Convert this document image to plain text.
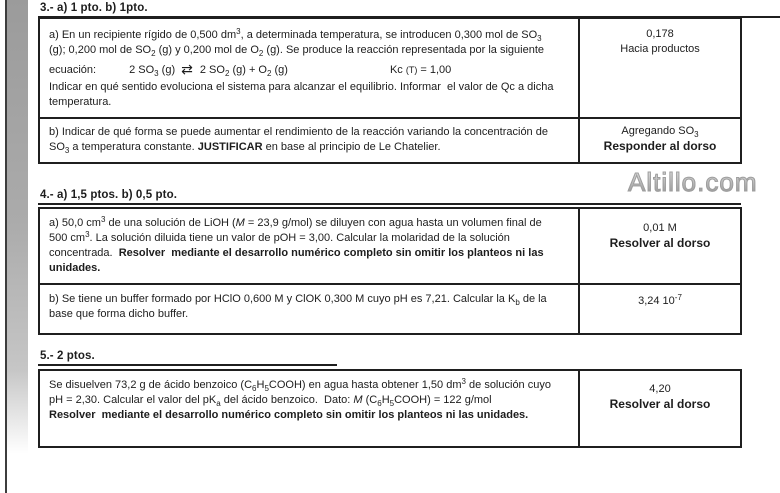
3.- a) 1 pto. b) 1pto.
a) En un recipiente rígido de 0,500 $dm^3$, a determinada temperatura, se introducen 0,300 mol de $SO_3$
(g); 0,200 mol de $SO_2$ (g) y 0,200 mol de $O_2$ (g). Se produce la reacción representada por la siguiente
ecuación:	2 $SO_3$ (g) ⇄ 2 $SO_2$ $(g) + O_2$ (g)	Kc (T) = 1,00
Indicar en qué sentido evoluciona el sistema para alcanzar el equilibrio. Informar  el valor de Qc a dicha
temperatura.

0,178
Hacia productos

b) Indicar de qué forma se puede aumentar el rendimiento de la reacción variando la concentración de
$SO_3$ a temperatura constante. JUSTIFICAR en base al principio de Le Chatelier.

Agregando $SO_3$
Responder al dorso
Altillo.com
4.- a) 1,5 ptos. b) 0,5 pto.
a) 50,0 $cm^3$ de una solución de LiOH (M = 23,9 g/mol) se diluyen con agua hasta un volumen final de
500 $cm^3$. La solución diluida tiene un valor de pOH = 3,00. Calcular la molaridad de la solución
concentrada.  Resolver  mediante el desarrollo numérico completo sin omitir los planteos ni las
unidades.

0,01 M
Resolver al dorso

b) Se tiene un buffer formado por HClO 0,600 M y ClOK 0,300 M cuyo pH es 7,21. Calcular la $K_b$ de la
base que forma dicho buffer.	3,24 $10^{-7}$
5.- 2 ptos.
Se disuelven 73,2 g de ácido benzoico $(C_6H_5COOH)$ en agua hasta obtener 1,50 $dm^3$ de solución cuyo
pH = 2,30. Calcular el valor del $pK_a$ del ácido benzoico.  Dato: M $(C_6H_5COOH) = 122$ g/mol
Resolver  mediante el desarrollo numérico completo sin omitir los planteos ni las unidades.

4,20
Resolver al dorso
